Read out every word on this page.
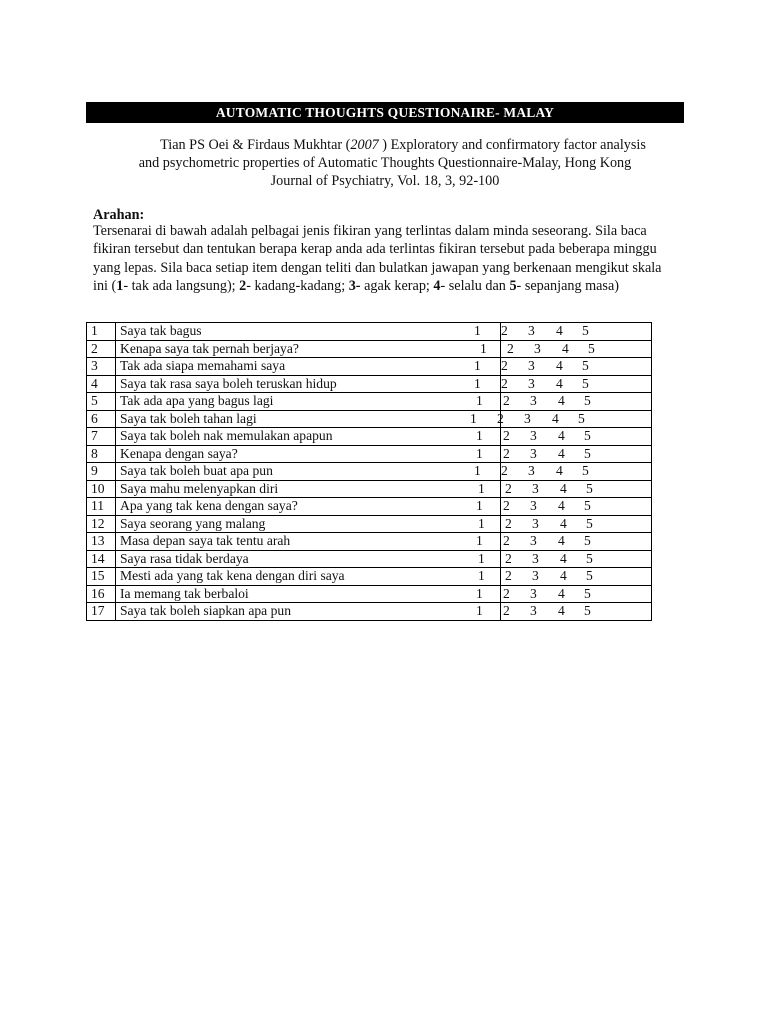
AUTOMATIC THOUGHTS QUESTIONAIRE- MALAY
Tian PS Oei & Firdaus Mukhtar (2007 ) Exploratory and confirmatory factor analysis
and psychometric properties of Automatic Thoughts Questionnaire-Malay, Hong Kong
Journal of Psychiatry, Vol. 18, 3, 92-100
Arahan:
Tersenarai di bawah adalah pelbagai jenis fikiran yang terlintas dalam minda seseorang. Sila baca fikiran tersebut dan tentukan berapa kerap anda ada terlintas fikiran tersebut pada beberapa minggu yang lepas. Sila baca setiap item dengan teliti dan bulatkan jawapan yang berkenaan mengikut skala ini (1- tak ada langsung); 2- kadang-kadang; 3- agak kerap; 4- selalu dan 5- sepanjang masa)
1	Saya tak bagus	1 2 3 4 5

2	Kenapa saya tak pernah berjaya?	1 2 3 4 5

3	Tak ada siapa memahami saya	1 2 3 4 5

4	Saya tak rasa saya boleh teruskan hidup	1 2 3 4 5

5	Tak ada apa yang bagus lagi	1 2 3 4 5

6	Saya tak boleh tahan lagi	1 2 3 4 5

7	Saya tak boleh nak memulakan apapun	1 2 3 4 5

8	Kenapa dengan saya?	1 2 3 4 5

9	Saya tak boleh buat apa pun	1 2 3 4 5

10	Saya mahu melenyapkan diri	1 2 3 4 5

11	Apa yang tak kena dengan saya?	1 2 3 4 5

12	Saya seorang yang malang	1 2 3 4 5

13	Masa depan saya tak tentu arah	1 2 3 4 5

14	Saya rasa tidak berdaya	1 2 3 4 5

15	Mesti ada yang tak kena dengan diri saya	1 2 3 4 5

16	Ia memang tak berbaloi	1 2 3 4 5

17	Saya tak boleh siapkan apa pun	1 2 3 4 5
